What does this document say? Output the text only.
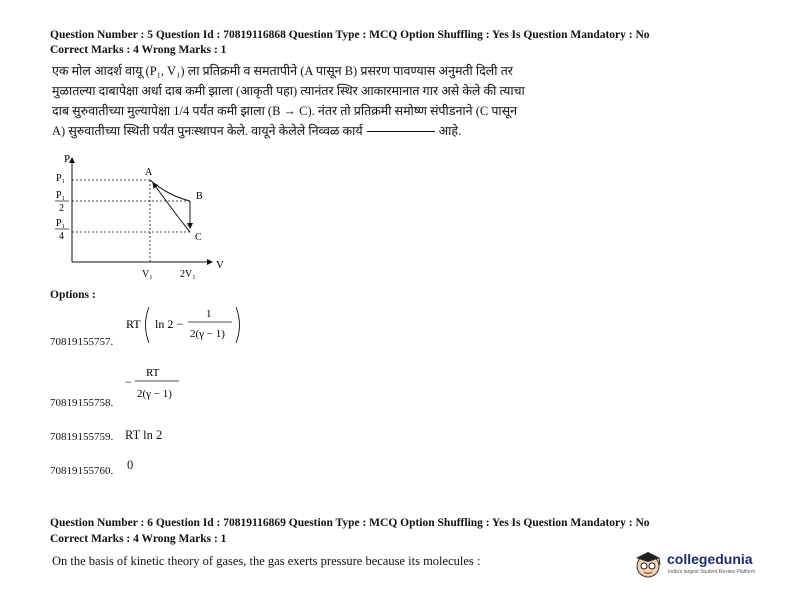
Question Number : 5 Question Id : 70819116868 Question Type : MCQ Option Shuffling : Yes Is Question Mandatory : No
Correct Marks : 4 Wrong Marks : 1
एक मोल आदर्श वायू (P₁, V₁) ला प्रतिक्रमी व समतापीने (A पासून B) प्रसरण पावण्यास अनुमती दिली तर
मुळातल्या दाबापेक्षा अर्धा दाब कमी झाला (आकृती पहा) त्यानंतर स्थिर आकारमानात गार असे केले की त्याचा
दाब सुरुवातीच्या मुल्यापेक्षा 1/4 पर्यंत कमी झाला (B → C). नंतर तो प्रतिक्रमी समोष्ण संपीडनाने (C पासून
A) सुरुवातीच्या स्थिती पर्यंत पुनःस्थापन केले. वायूने केलेले निव्वळ कार्य	आहे.
P
V
P₁
P₁
2
P₁
4
A
B
C
V₁	2V₁
Options :
70819155757.
RT ln 2 −
1
2(γ − 1)
70819155758.
−
RT
2(γ − 1)
70819155759. RT ln 2
70819155760. 0
Question Number : 6 Question Id : 70819116869 Question Type : MCQ Option Shuffling : Yes Is Question Mandatory : No
Correct Marks : 4 Wrong Marks : 1
On the basis of kinetic theory of gases, the gas exerts pressure because its molecules :	collegedunia
India's largest Student Review Platform
